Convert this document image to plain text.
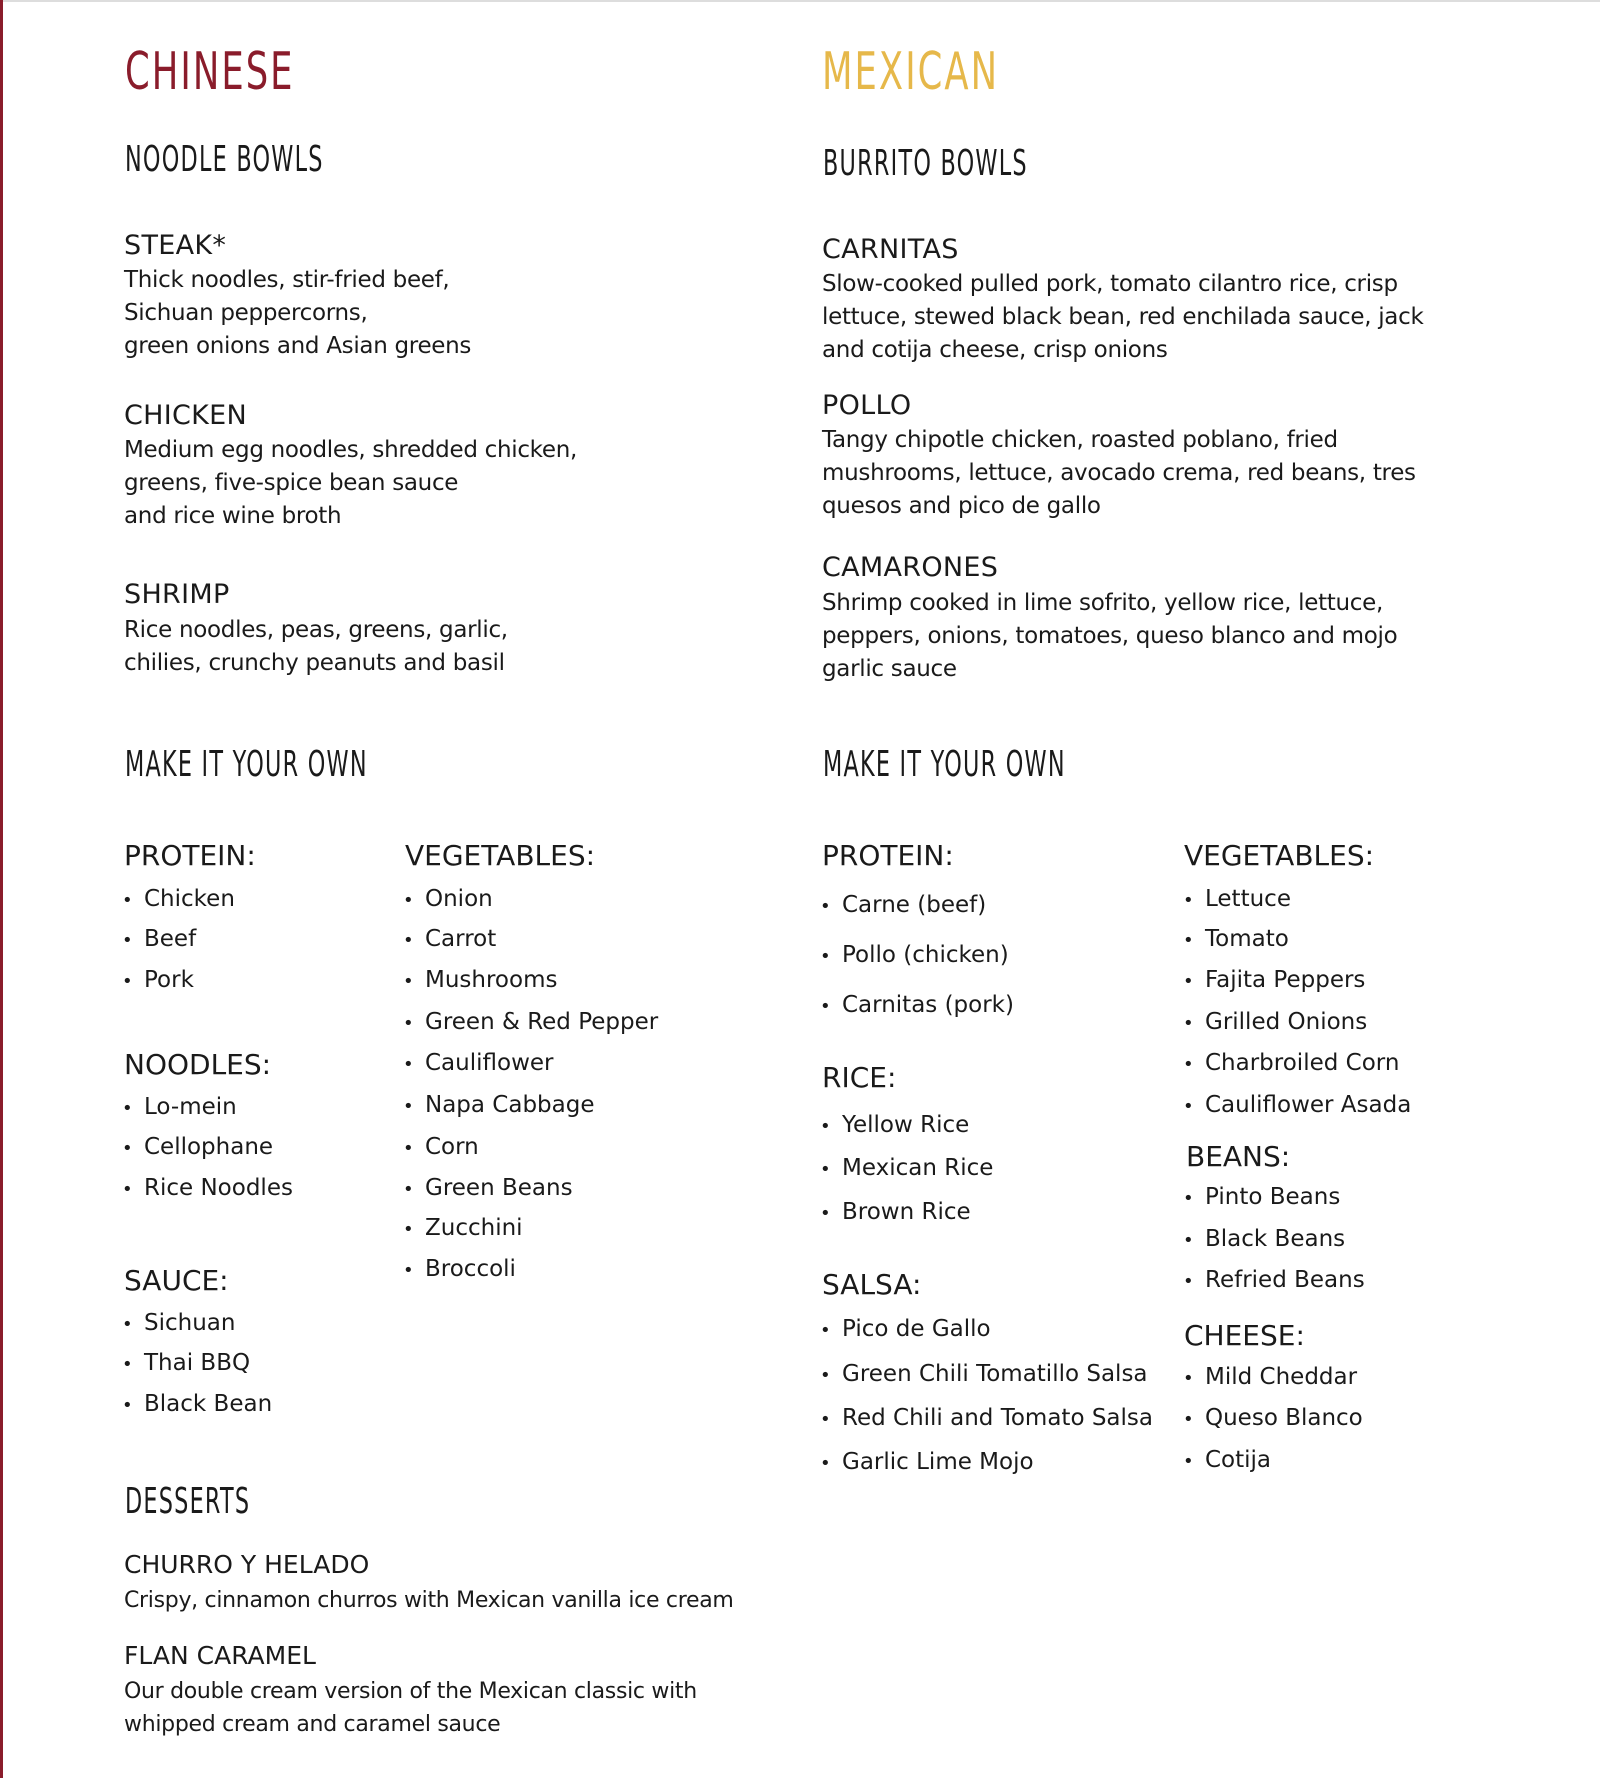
CHINESE
NOODLE BOWLS
STEAK*
Thick noodles, stir-fried beef,
Sichuan peppercorns,
green onions and Asian greens
CHICKEN
Medium egg noodles, shredded chicken,
greens, five-spice bean sauce
and rice wine broth
SHRIMP
Rice noodles, peas, greens, garlic,
chilies, crunchy peanuts and basil
MAKE IT YOUR OWN
PROTEIN:
• Chicken
• Beef
• Pork
NOODLES:
• Lo-mein
• Cellophane
• Rice Noodles
SAUCE:
• Sichuan
• Thai BBQ
• Black Bean
VEGETABLES:
• Onion
• Carrot
• Mushrooms
• Green & Red Pepper
• Cauliflower
• Napa Cabbage
• Corn
• Green Beans
• Zucchini
• Broccoli
DESSERTS
CHURRO Y HELADO
Crispy, cinnamon churros with Mexican vanilla ice cream
FLAN CARAMEL
Our double cream version of the Mexican classic with
whipped cream and caramel sauce
MEXICAN
BURRITO BOWLS
CARNITAS
Slow-cooked pulled pork, tomato cilantro rice, crisp
lettuce, stewed black bean, red enchilada sauce, jack
and cotija cheese, crisp onions
POLLO
Tangy chipotle chicken, roasted poblano, fried
mushrooms, lettuce, avocado crema, red beans, tres
quesos and pico de gallo
CAMARONES
Shrimp cooked in lime sofrito, yellow rice, lettuce,
peppers, onions, tomatoes, queso blanco and mojo
garlic sauce
MAKE IT YOUR OWN
PROTEIN:
• Carne (beef)
• Pollo (chicken)
• Carnitas (pork)
RICE:
• Yellow Rice
• Mexican Rice
• Brown Rice
SALSA:
• Pico de Gallo
• Green Chili Tomatillo Salsa
• Red Chili and Tomato Salsa
• Garlic Lime Mojo
VEGETABLES:
• Lettuce
• Tomato
• Fajita Peppers
• Grilled Onions
• Charbroiled Corn
• Cauliflower Asada
BEANS:
• Pinto Beans
• Black Beans
• Refried Beans
CHEESE:
• Mild Cheddar
• Queso Blanco
• Cotija
